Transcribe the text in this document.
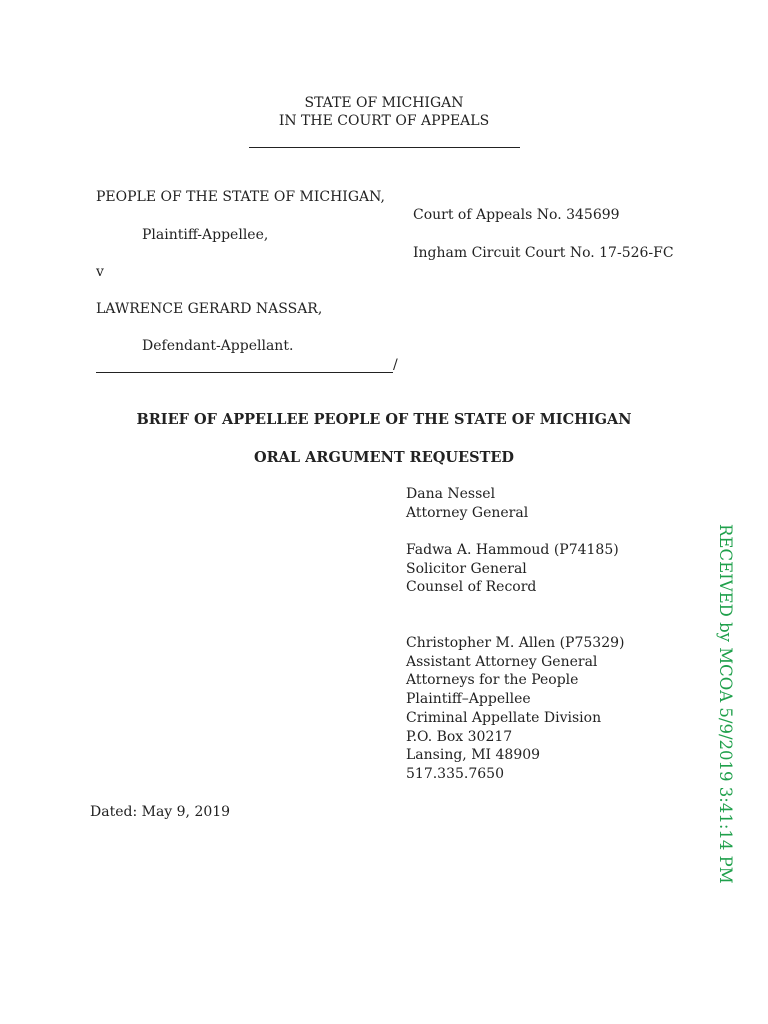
STATE OF MICHIGAN
IN THE COURT OF APPEALS
PEOPLE OF THE STATE OF MICHIGAN,
Court of Appeals No. 345699
Plaintiff-Appellee,
Ingham Circuit Court No. 17-526-FC
v
LAWRENCE GERARD NASSAR,
Defendant-Appellant.
/
BRIEF OF APPELLEE PEOPLE OF THE STATE OF MICHIGAN
ORAL ARGUMENT REQUESTED
Dana Nessel
Attorney General
Fadwa A. Hammoud (P74185)
Solicitor General
Counsel of Record
Christopher M. Allen (P75329)
Assistant Attorney General
Attorneys for the People
Plaintiff–Appellee
Criminal Appellate Division
P.O. Box 30217
Lansing, MI 48909
517.335.7650
Dated: May 9, 2019	RECEIVED by MCOA 5/9/2019 3:41:14 PM
